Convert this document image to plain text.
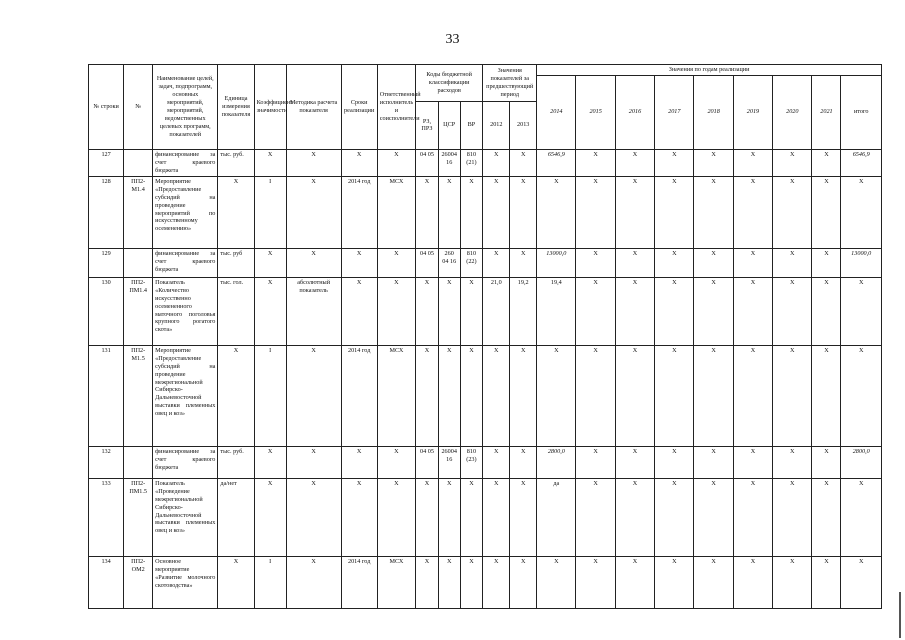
33
№ строки	№	Наименование целей, задач, подпрограмм, основных мероприятий, мероприятий, ведомственных целевых программ, показателей	Единица измерения показателя	Коэффициент значимости	Методика расчета показателя	Сроки реализации	Ответственный исполнитель и соисполнители	Коды бюджетной классификации расходов			Значения показателей за предшествующий период		Значения по годам реализации								
													2014	2015	2016	2017	2018	2019	2020	2021	итого
								РЗ, ПРЗ	ЦСР	ВР	2012	2013									
127		финансирование за счет краевого бюджета	тыс. руб.	Х	Х	Х	Х	04 05	26004 16	810 (21)	Х	Х	6546,9	Х	Х	Х	Х	Х	Х	Х	6546,9
128	ПП2-М1.4	Мероприятие «Предоставление субсидий на проведение мероприятий по искусственному осеменению»	Х	I	Х	2014 год	МСХ	Х	Х	Х	Х	Х	Х	Х	Х	Х	Х	Х	Х	Х	Х
129		финансирование за счет краевого бюджета	тыс. руб	Х	Х	Х	Х	04 05	260 04 16	810 (22)	Х	Х	13000,0	Х	Х	Х	Х	Х	Х	Х	13000,0
130	ПП2-ПМ1.4	Показатель «Количество искусственно осемененного маточного поголовья крупного рогатого скота»	тыс. гол.	Х	абсолютный показатель	Х	Х	Х	Х	Х	21,0	19,2	19,4	Х	Х	Х	Х	Х	Х	Х	Х
131	ПП2-М1.5	Мероприятие «Предоставление субсидий на проведение межрегиональной Сибирско-Дальневосточной выставки племенных овец и коз»	Х	I	Х	2014 год	МСХ	Х	Х	Х	Х	Х	Х	Х	Х	Х	Х	Х	Х	Х	Х
132		финансирование за счет краевого бюджета	тыс. руб.	Х	Х	Х	Х	04 05	26004 16	810 (23)	Х	Х	2800,0	Х	Х	Х	Х	Х	Х	Х	2800,0
133	ПП2-ПМ1.5	Показатель «Проведение межрегиональной Сибирско-Дальневосточной выставки племенных овец и коз»	да/нет	Х	Х	Х	Х	Х	Х	Х	Х	Х	да	Х	Х	Х	Х	Х	Х	Х	Х
134	ПП2-ОМ2	Основное мероприятие «Развитие молочного скотоводства»	Х	I	Х	2014 год	МСХ	Х	Х	Х	Х	Х	Х	Х	Х	Х	Х	Х	Х	Х	Х
